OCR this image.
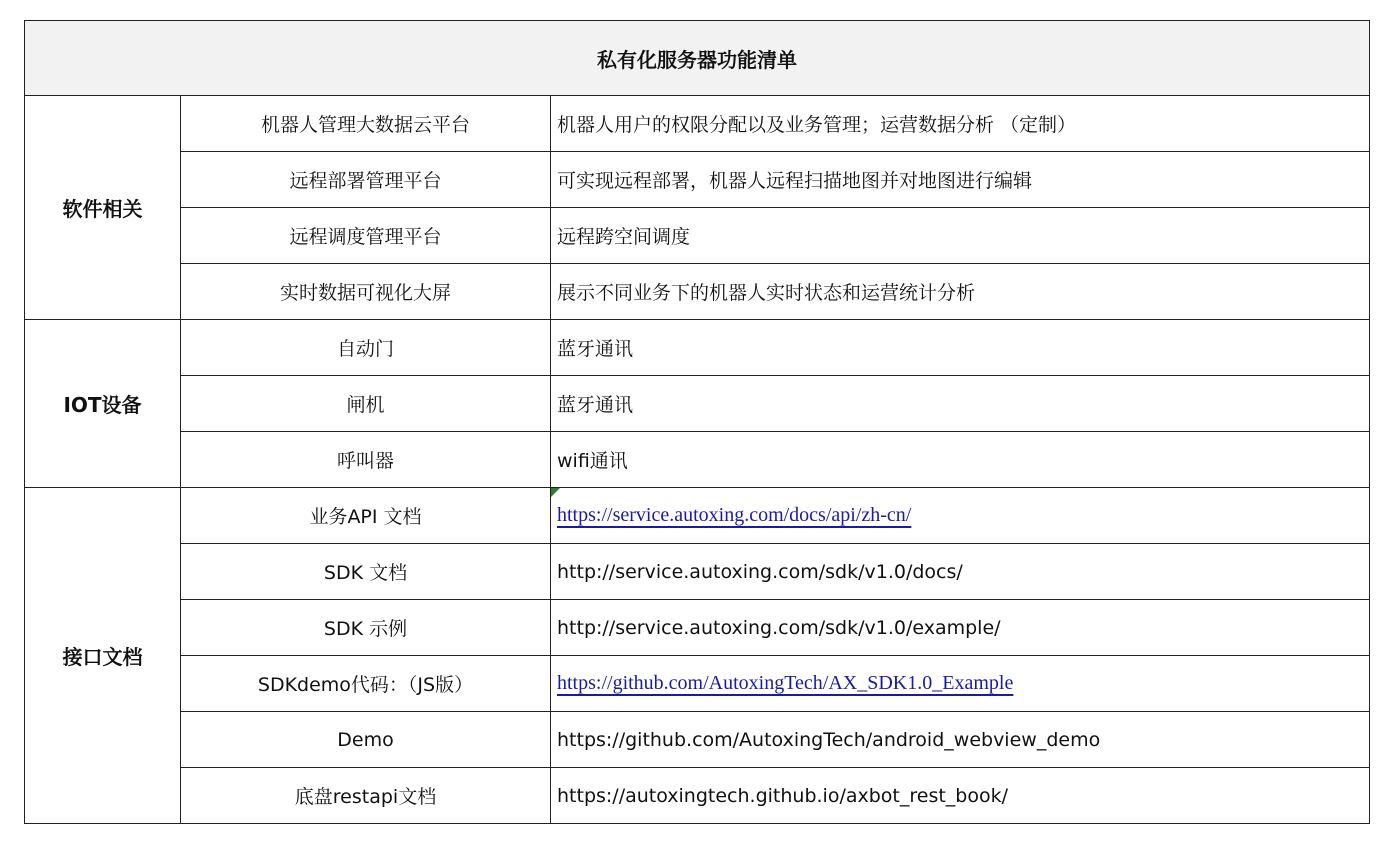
私有化服务器功能清单		
软件相关	机器人管理大数据云平台	机器人用户的权限分配以及业务管理；运营数据分析 （定制）
	远程部署管理平台	可实现远程部署，机器人远程扫描地图并对地图进行编辑
	远程调度管理平台	远程跨空间调度
	实时数据可视化大屏	展示不同业务下的机器人实时状态和运营统计分析
IOT设备	自动门	蓝牙通讯
	闸机	蓝牙通讯
	呼叫器	wifi通讯
接口文档	业务API 文档	https://service.autoxing.com/docs/api/zh-cn/
	SDK 文档	http://service.autoxing.com/sdk/v1.0/docs/
	SDK 示例	http://service.autoxing.com/sdk/v1.0/example/
	SDKdemo代码：（JS版）	https://github.com/AutoxingTech/AX_SDK1.0_Example
	Demo	https://github.com/AutoxingTech/android_webview_demo
	底盘restapi文档	https://autoxingtech.github.io/axbot_rest_book/
